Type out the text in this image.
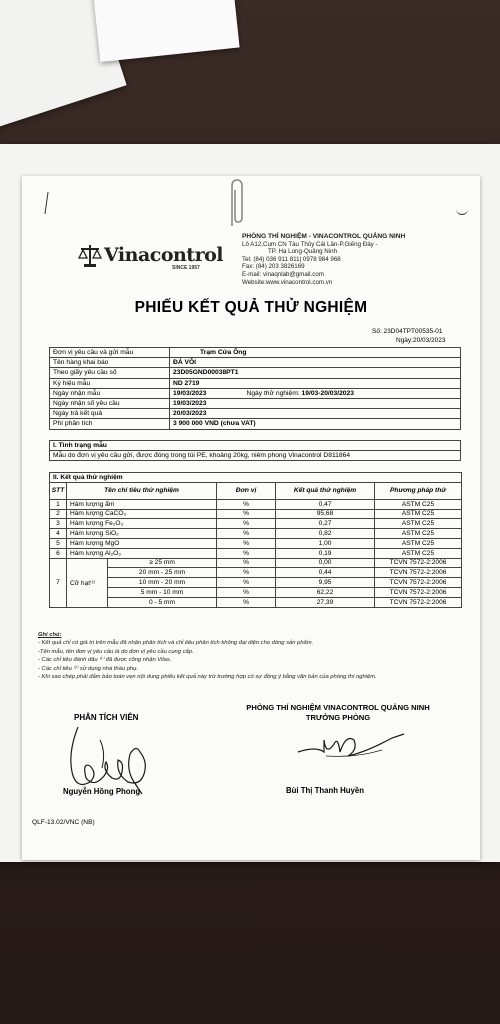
Vinacontrol
SINCE 1957
PHÒNG THÍ NGHIỆM - VINACONTROL QUẢNG NINH
Lô A12,Cụm CN Tàu Thủy Cái Lân-P.Giếng Đáy -
TP. Hạ Long-Quảng Ninh
Tel: (84) 036 911 811| 0978 984 968
Fax: (84) 203 3826169
E-mail: vinaqnlab@gmail.com
Website:www.vinacontrol.com.vn
PHIẾU KẾT QUẢ THỬ NGHIỆM
Số: 23D04TPT00535-01
Ngày:20/03/2023
Đơn vị yêu cầu và gửi mẫu	Trạm Cửa Ông
Tên hàng khai báo	ĐÁ VÔI
Theo giấy yêu cầu số	23D05GND00038PT1
Ký hiệu mẫu	ND 2719
Ngày nhận mẫu	19/03/2023 Ngày thử nghiệm: 19/03-20/03/2023
Ngày nhận số yêu cầu	19/03/2023
Ngày trả kết quả	20/03/2023
Phí phân tích	3 900 000 VND (chưa VAT)
I. Tình trạng mẫu
Mẫu do đơn vị yêu cầu gửi, được đóng trong túi PE, khoảng 20kg, niêm phong Vinacontrol D811864
II. Kết quả thử nghiệm					
STT	Tên chỉ tiêu thử nghiệm		Đơn vị	Kết quả thử nghiệm	Phương pháp thử
1	Hàm lượng ẩm		%	0,47	ASTM C25
2	Hàm lượng CaCO₃		%	95,68	ASTM C25
3	Hàm lượng Fe₂O₃		%	0,27	ASTM C25
4	Hàm lượng SiO₂		%	0,82	ASTM C25
5	Hàm lượng MgO		%	1,00	ASTM C25
6	Hàm lượng Al₂O₃		%	0,19	ASTM C25
7	Cỡ hạt⁽¹⁾	≥ 25 mm	%	0,00	TCVN 7572-2:2006
		20 mm - 25 mm	%	0,44	TCVN 7572-2:2006
		10 mm - 20 mm	%	9,95	TCVN 7572-2:2006
		5 mm - 10 mm	%	62,22	TCVN 7572-2:2006
		0 - 5 mm	%	27,39	TCVN 7572-2:2006
Ghi chú:
- Kết quả chỉ có giá trị trên mẫu đã nhận phân tích và chỉ tiêu phân tích không đại diện cho dòng sản phẩm.
-Tên mẫu, tên đơn vị yêu cầu là do đơn vị yêu cầu cung cấp.
- Các chỉ tiêu đánh dấu ⁽¹⁾ đã được công nhận Vilas.
- Các chỉ tiêu ⁽²⁾ sử dụng nhà thầu phụ.
- Khi sao chép phải đảm bảo toàn vẹn nội dung phiếu kết quả này trừ trường hợp có sự đồng ý bằng văn bản của phòng thí nghiệm.
PHÂN TÍCH VIÊN
PHÒNG THÍ NGHIỆM VINACONTROL QUẢNG NINH
TRƯỞNG PHÒNG
Nguyễn Hồng Phong	Bùi Thị Thanh Huyền
QLF-13.02/VNC (NB)
